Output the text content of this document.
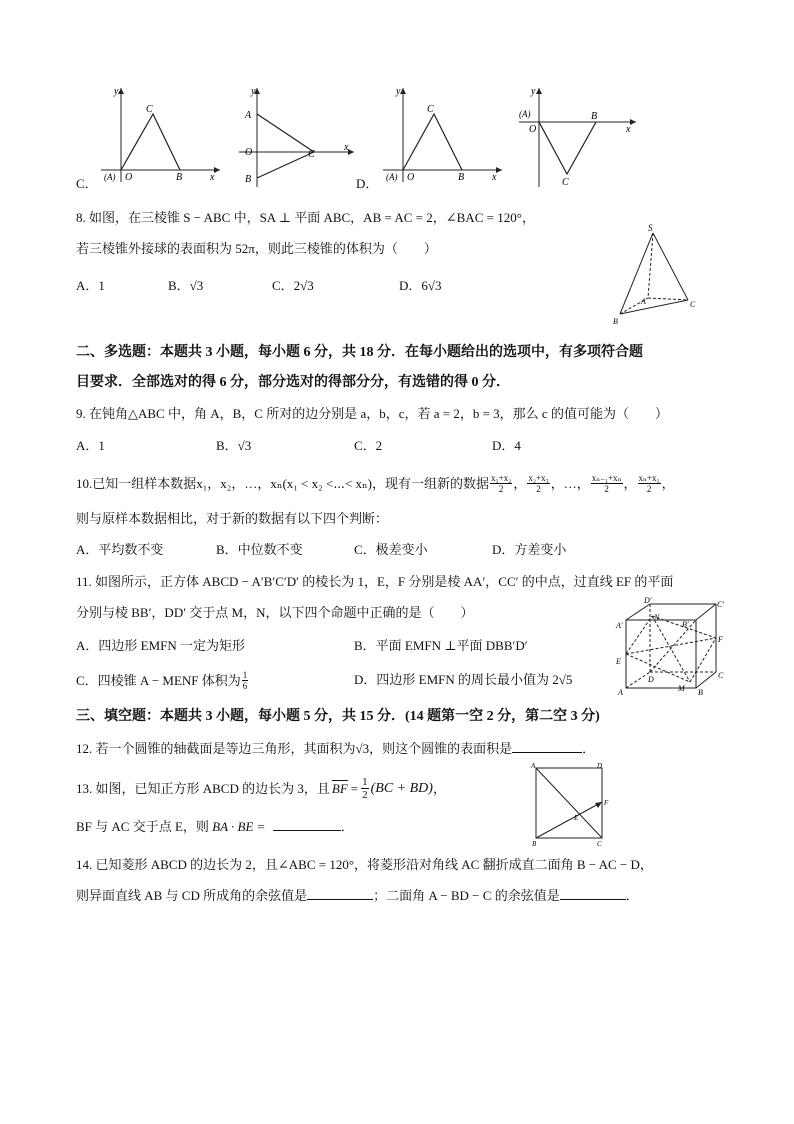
C．
y
x
(A) O
C
B
y
x
A
O	C
B	D．
y
x
(A) O
C
B
y
x
(A)
O
B
C
8. 如图，在三棱锥 S − ABC 中，SA ⊥ 平面 ABC，AB = AC = 2，∠BAC = 120°，
若三棱锥外接球的表面积为 52π，则此三棱锥的体积为（　　）
A．1	B．√3	C．2√3	D．6√3
S
A
B
C
二、多选题：本题共 3 小题，每小题 6 分，共 18 分．在每小题给出的选项中，有多项符合题
目要求．全部选对的得 6 分，部分选对的得部分分，有选错的得 0 分．
9. 在钝角△ABC 中，角 A，B，C 所对的边分别是 a，b，c，若 a = 2，b = 3，那么 c 的值可能为（　　）
A．1	B．√3	C．2	D．4
10.已知一组样本数据x₁，x₂，…，xₙ(x₁ < x₂ <⋯< xₙ)，现有一组新的数据 x₁+x₂
2 ， x₂+x₃
2 ，…， xₙ₋₁+xₙ
2 ， xₙ+x₁
2 ，
则与原样本数据相比，对于新的数据有以下四个判断：
A．平均数不变	B．中位数不变	C．极差变小	D．方差变小
11. 如图所示，正方体 ABCD − A′B′C′D′ 的棱长为 1，E，F 分别是棱 AA′，CC′ 的中点，过直线 EF 的平面
分别与棱 BB′，DD′ 交于点 M，N，以下四个命题中正确的是（　　）
A．四边形 EMFN 一定为矩形	B．平面 EMFN ⊥平面 DBB′D′
C．四棱锥 A − MENF 体积为 1
6	D．四边形 EMFN 的周长最小值为 2√5
D′	C′
A′	B′
N
E
F
D	C
A	B
M
三、填空题：本题共 3 小题，每小题 5 分，共 15 分．(14 题第一空 2 分，第二空 3 分)
12. 若一个圆锥的轴截面是等边三角形，其面积为√3，则这个圆锥的表面积是	．
13. 如图，已知正方形 ABCD 的边长为 3，且 $\overline{BF} = \frac{1}{2} (BC + BD)$ ，
BF 与 AC 交于点 E，则 BA · BE =	．
A	D
F
E
B	C
14. 已知菱形 ABCD 的边长为 2，且∠ABC = 120°，将菱形沿对角线 AC 翻折成直二面角 B − AC − D，
则异面直线 AB 与 CD 所成角的余弦值是	；二面角 A − BD − C 的余弦值是	．
